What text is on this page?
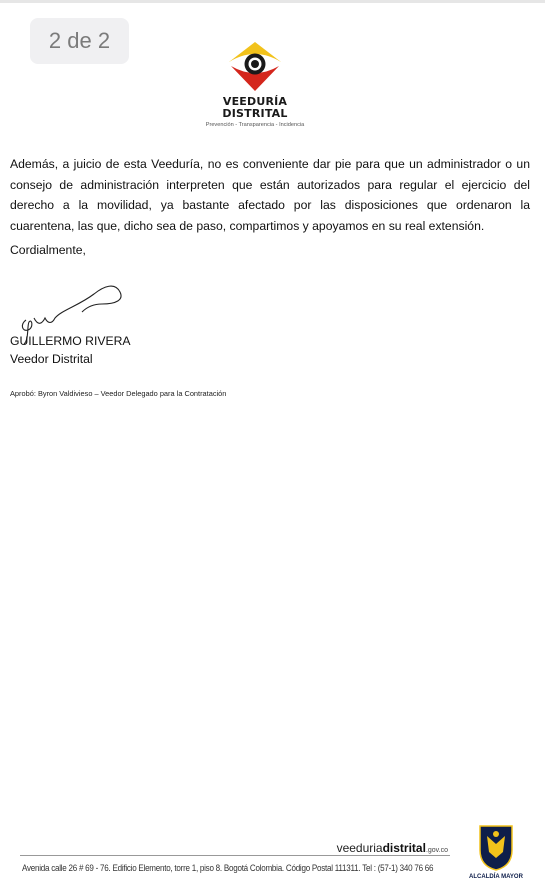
2 de 2
VEEDURÍA
DISTRITAL
Prevención - Transparencia - Incidencia

Además, a juicio de esta Veeduría, no es conveniente dar pie para que un administrador o un consejo de administración interpreten que están autorizados para regular el ejercicio del derecho a la movilidad, ya bastante afectado por las disposiciones que ordenaron la cuarentena, las que, dicho sea de paso, compartimos y apoyamos en su real extensión.

Cordialmente,

GUILLERMO RIVERA
Veedor Distrital
Aprobó: Byron Valdivieso – Veedor Delegado para la Contratación
veeduriadistrital.gov.co
Avenida calle 26 # 69 - 76. Edificio Elemento, torre 1, piso 8. Bogotá Colombia. Código Postal 111311. Tel : (57-1) 340 76 66
ALCALDÍA MAYOR
